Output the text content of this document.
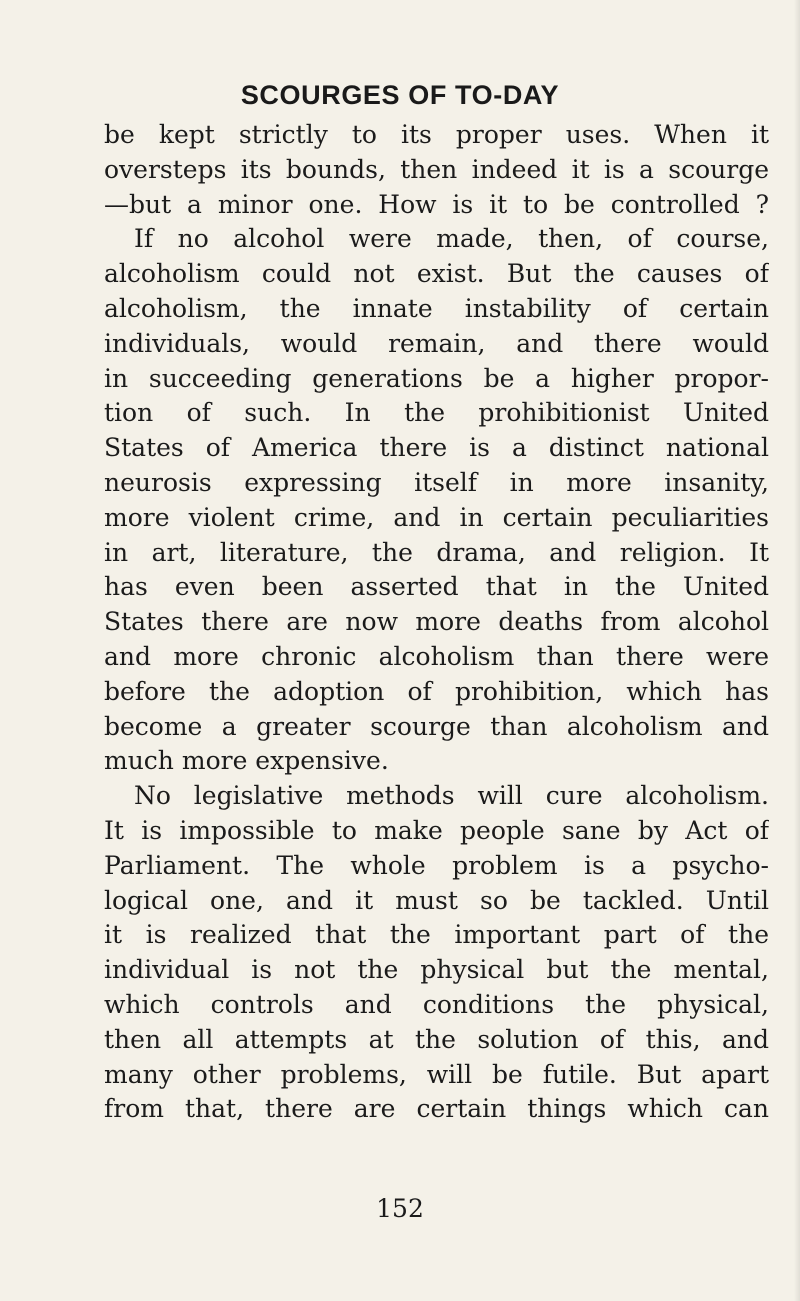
SCOURGES OF TO-DAY
be kept strictly to its proper uses. When it
oversteps its bounds, then indeed it is a scourge
—but a minor one. How is it to be controlled ?
If no alcohol were made, then, of course,
alcoholism could not exist. But the causes of
alcoholism, the innate instability of certain
individuals, would remain, and there would
in succeeding generations be a higher propor-
tion of such. In the prohibitionist United
States of America there is a distinct national
neurosis expressing itself in more insanity,
more violent crime, and in certain peculiarities
in art, literature, the drama, and religion. It
has even been asserted that in the United
States there are now more deaths from alcohol
and more chronic alcoholism than there were
before the adoption of prohibition, which has
become a greater scourge than alcoholism and
much more expensive.
No legislative methods will cure alcoholism.
It is impossible to make people sane by Act of
Parliament. The whole problem is a psycho-
logical one, and it must so be tackled. Until
it is realized that the important part of the
individual is not the physical but the mental,
which controls and conditions the physical,
then all attempts at the solution of this, and
many other problems, will be futile. But apart
from that, there are certain things which can
152
